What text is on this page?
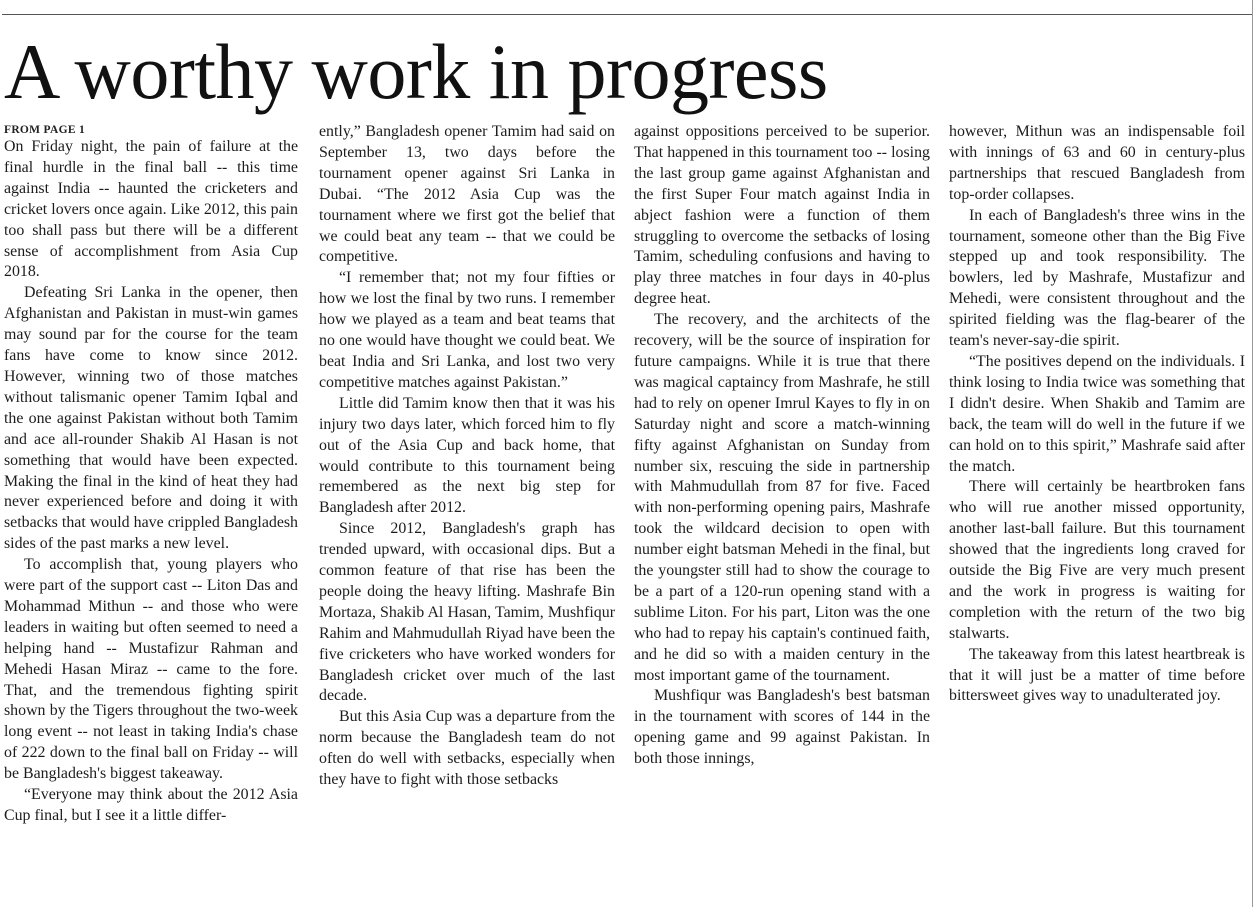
A worthy work in progress
FROM PAGE 1

On Friday night, the pain of failure at the final hurdle in the final ball -- this time against India -- haunted the cricketers and cricket lovers once again. Like 2012, this pain too shall pass but there will be a different sense of accomplishment from Asia Cup 2018.

Defeating Sri Lanka in the opener, then Afghanistan and Pakistan in must-win games may sound par for the course for the team fans have come to know since 2012. However, winning two of those matches without talismanic opener Tamim Iqbal and the one against Pakistan without both Tamim and ace all-rounder Shakib Al Hasan is not something that would have been expected. Making the final in the kind of heat they had never experienced before and doing it with setbacks that would have crippled Bangladesh sides of the past marks a new level.

To accomplish that, young players who were part of the support cast -- Liton Das and Mohammad Mithun -- and those who were leaders in waiting but often seemed to need a helping hand -- Mustafizur Rahman and Mehedi Hasan Miraz -- came to the fore. That, and the tremendous fighting spirit shown by the Tigers throughout the two-week long event -- not least in taking India's chase of 222 down to the final ball on Friday -- will be Bangladesh's biggest takeaway.

“Everyone may think about the 2012 Asia Cup final, but I see it a little differ-

ently,” Bangladesh opener Tamim had said on September 13, two days before the tournament opener against Sri Lanka in Dubai. “The 2012 Asia Cup was the tournament where we first got the belief that we could beat any team -- that we could be competitive.

“I remember that; not my four fifties or how we lost the final by two runs. I remember how we played as a team and beat teams that no one would have thought we could beat. We beat India and Sri Lanka, and lost two very competitive matches against Pakistan.”

Little did Tamim know then that it was his injury two days later, which forced him to fly out of the Asia Cup and back home, that would contribute to this tournament being remembered as the next big step for Bangladesh after 2012.

Since 2012, Bangladesh's graph has trended upward, with occasional dips. But a common feature of that rise has been the people doing the heavy lifting. Mashrafe Bin Mortaza, Shakib Al Hasan, Tamim, Mushfiqur Rahim and Mahmudullah Riyad have been the five cricketers who have worked wonders for Bangladesh cricket over much of the last decade.

But this Asia Cup was a departure from the norm because the Bangladesh team do not often do well with setbacks, especially when they have to fight with those setbacks

against oppositions perceived to be superior. That happened in this tournament too -- losing the last group game against Afghanistan and the first Super Four match against India in abject fashion were a function of them struggling to overcome the setbacks of losing Tamim, scheduling confusions and having to play three matches in four days in 40-plus degree heat.

The recovery, and the architects of the recovery, will be the source of inspiration for future campaigns. While it is true that there was magical captaincy from Mashrafe, he still had to rely on opener Imrul Kayes to fly in on Saturday night and score a match-winning fifty against Afghanistan on Sunday from number six, rescuing the side in partnership with Mahmudullah from 87 for five. Faced with non-performing opening pairs, Mashrafe took the wildcard decision to open with number eight batsman Mehedi in the final, but the youngster still had to show the courage to be a part of a 120-run opening stand with a sublime Liton. For his part, Liton was the one who had to repay his captain's continued faith, and he did so with a maiden century in the most important game of the tournament.

Mushfiqur was Bangladesh's best batsman in the tournament with scores of 144 in the opening game and 99 against Pakistan. In both those innings,

however, Mithun was an indispensable foil with innings of 63 and 60 in century-plus partnerships that rescued Bangladesh from top-order collapses.

In each of Bangladesh's three wins in the tournament, someone other than the Big Five stepped up and took responsibility. The bowlers, led by Mashrafe, Mustafizur and Mehedi, were consistent throughout and the spirited fielding was the flag-bearer of the team's never-say-die spirit.

“The positives depend on the individuals. I think losing to India twice was something that I didn't desire. When Shakib and Tamim are back, the team will do well in the future if we can hold on to this spirit,” Mashrafe said after the match.

There will certainly be heartbroken fans who will rue another missed opportunity, another last-ball failure. But this tournament showed that the ingredients long craved for outside the Big Five are very much present and the work in progress is waiting for completion with the return of the two big stalwarts.

The takeaway from this latest heartbreak is that it will just be a matter of time before bittersweet gives way to unadulterated joy.
